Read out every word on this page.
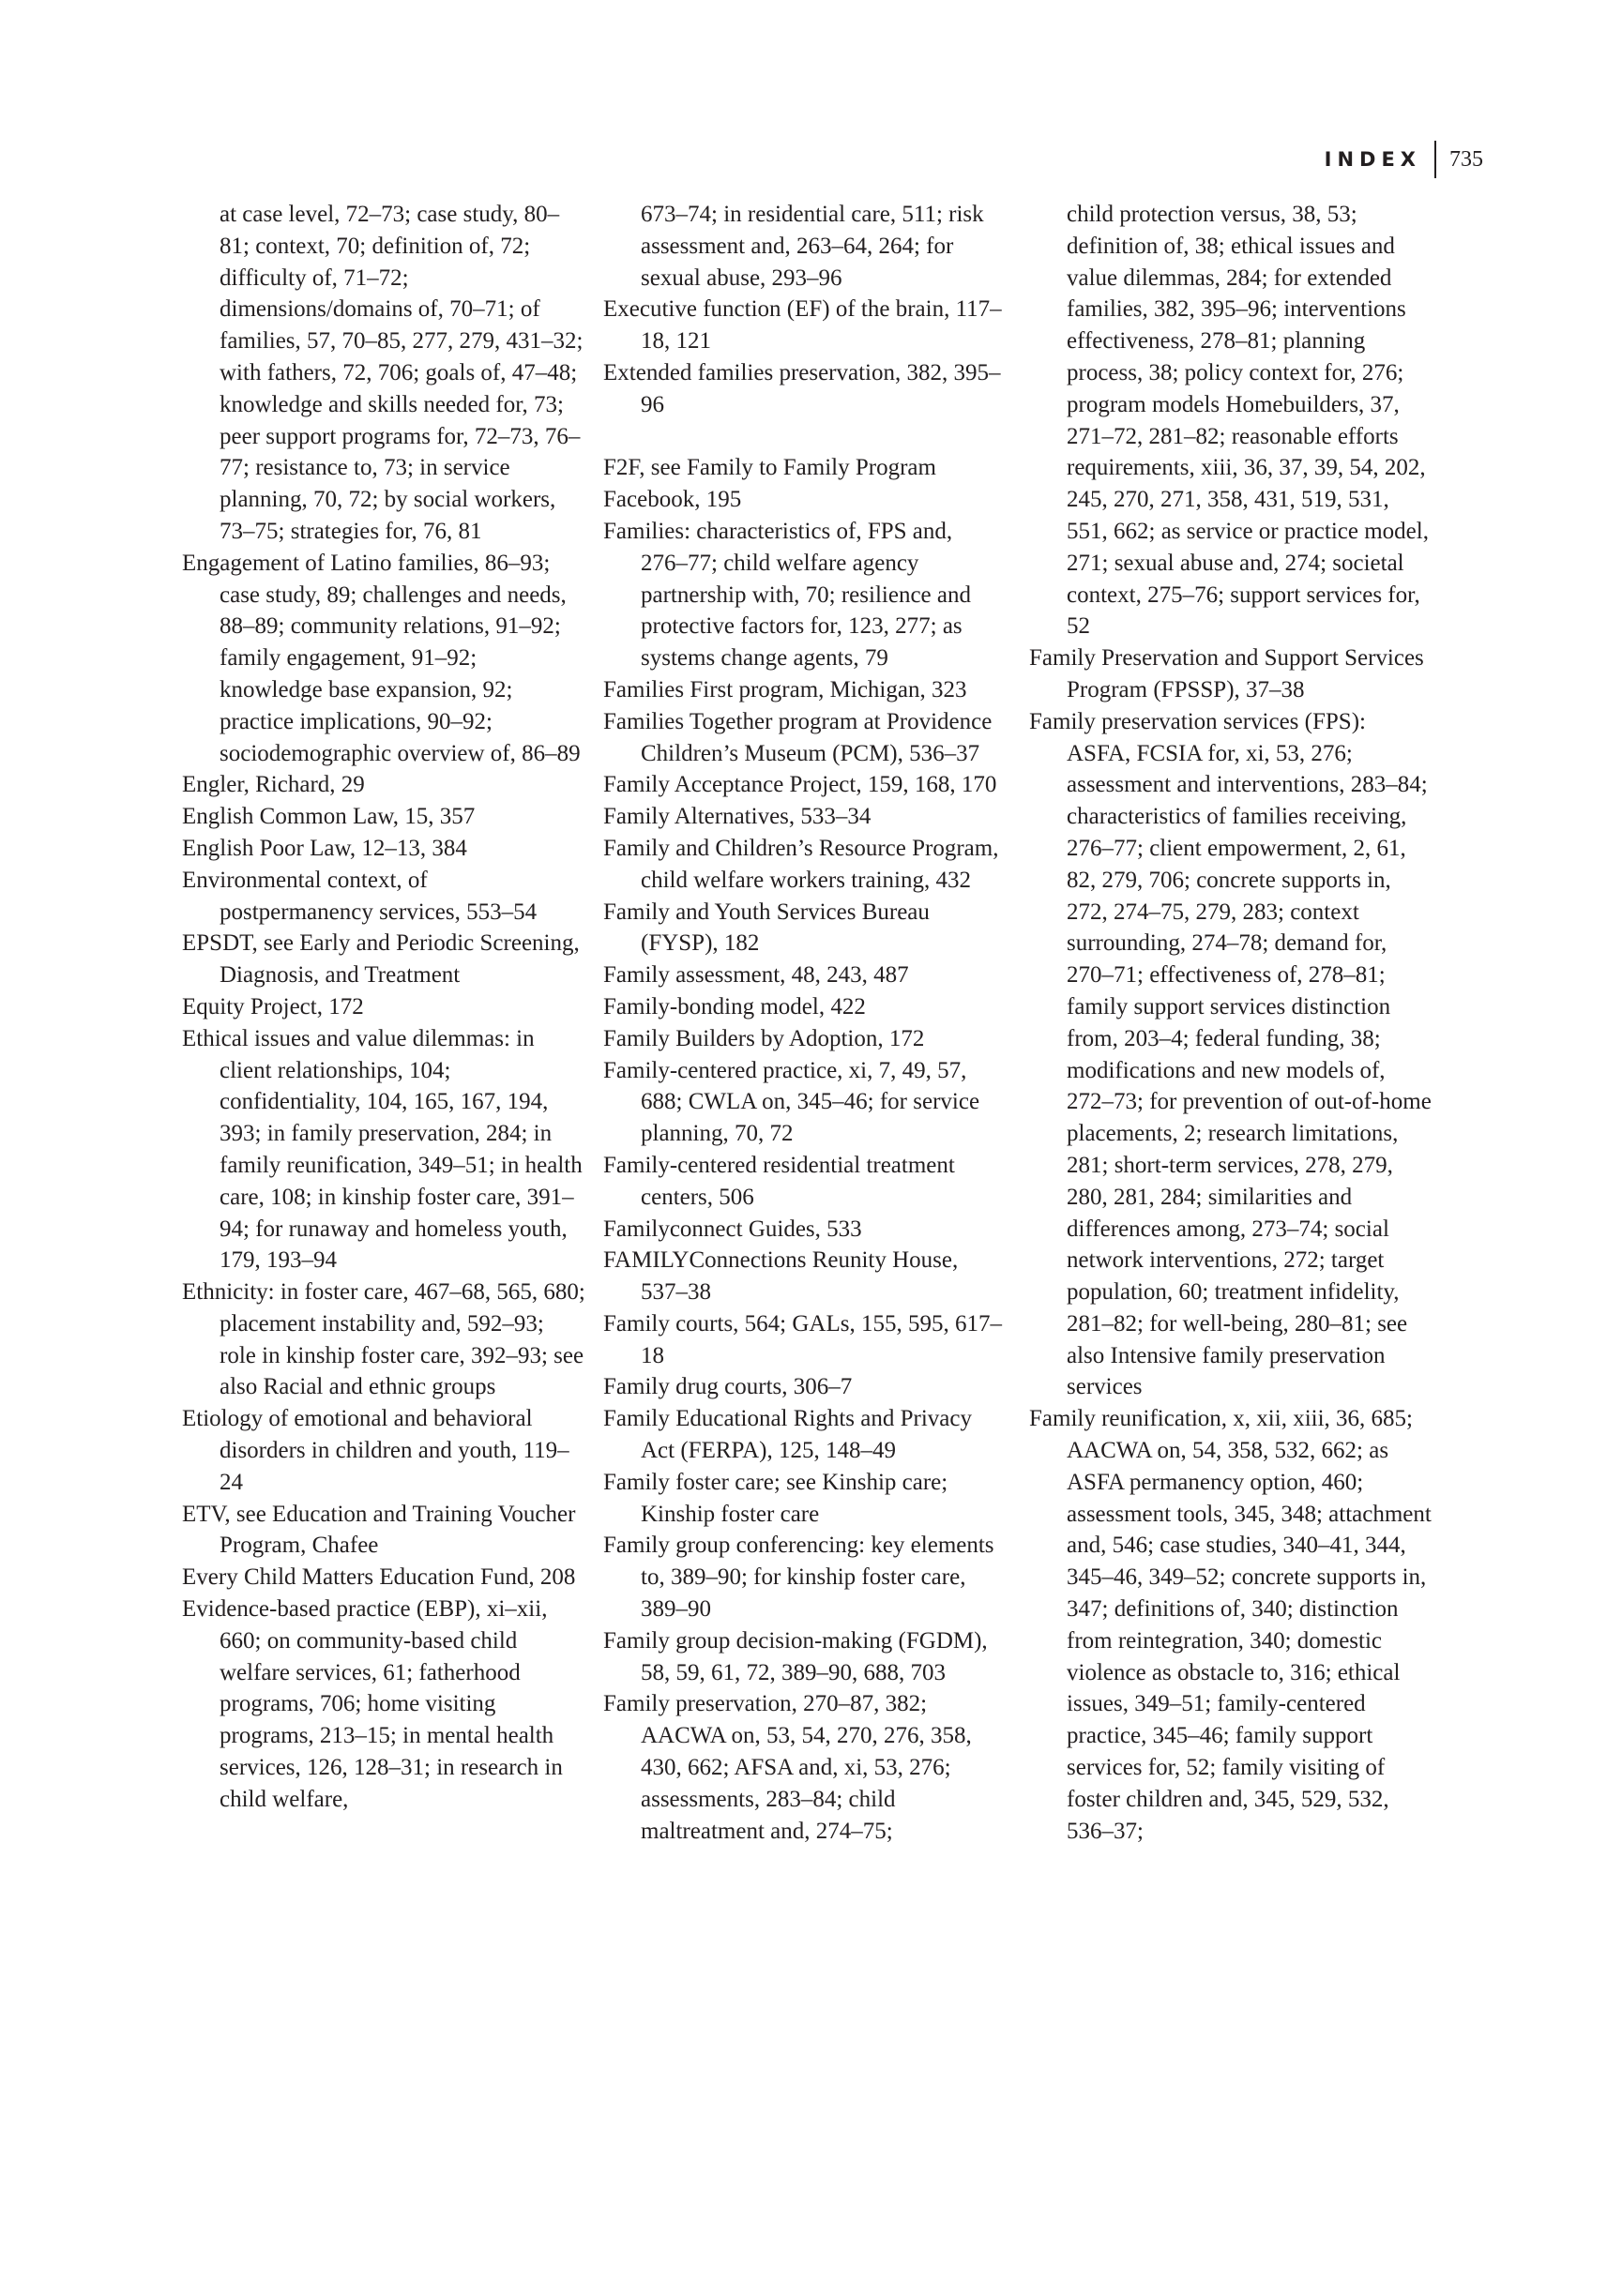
INDEX 735
at case level, 72–73; case study, 80–81; context, 70; definition of, 72; difficulty of, 71–72; dimensions/domains of, 70–71; of families, 57, 70–85, 277, 279, 431–32; with fathers, 72, 706; goals of, 47–48; knowledge and skills needed for, 73; peer support programs for, 72–73, 76–77; resistance to, 73; in service planning, 70, 72; by social workers, 73–75; strategies for, 76, 81
Engagement of Latino families, 86–93; case study, 89; challenges and needs, 88–89; community relations, 91–92; family engagement, 91–92; knowledge base expansion, 92; practice implications, 90–92; sociodemographic overview of, 86–89
Engler, Richard, 29
English Common Law, 15, 357
English Poor Law, 12–13, 384
Environmental context, of postpermanency services, 553–54
EPSDT, see Early and Periodic Screening, Diagnosis, and Treatment
Equity Project, 172
Ethical issues and value dilemmas: in client relationships, 104; confidentiality, 104, 165, 167, 194, 393; in family preservation, 284; in family reunification, 349–51; in health care, 108; in kinship foster care, 391–94; for runaway and homeless youth, 179, 193–94
Ethnicity: in foster care, 467–68, 565, 680; placement instability and, 592–93; role in kinship foster care, 392–93; see also Racial and ethnic groups
Etiology of emotional and behavioral disorders in children and youth, 119–24
ETV, see Education and Training Voucher Program, Chafee
Every Child Matters Education Fund, 208
Evidence-based practice (EBP), xi–xii, 660; on community-based child welfare services, 61; fatherhood programs, 706; home visiting programs, 213–15; in mental health services, 126, 128–31; in research in child welfare,
673–74; in residential care, 511; risk assessment and, 263–64, 264; for sexual abuse, 293–96
Executive function (EF) of the brain, 117–18, 121
Extended families preservation, 382, 395–96
F2F, see Family to Family Program
Facebook, 195
Families: characteristics of, FPS and, 276–77; child welfare agency partnership with, 70; resilience and protective factors for, 123, 277; as systems change agents, 79
Families First program, Michigan, 323
Families Together program at Providence Children’s Museum (PCM), 536–37
Family Acceptance Project, 159, 168, 170
Family Alternatives, 533–34
Family and Children’s Resource Program, child welfare workers training, 432
Family and Youth Services Bureau (FYSP), 182
Family assessment, 48, 243, 487
Family-bonding model, 422
Family Builders by Adoption, 172
Family-centered practice, xi, 7, 49, 57, 688; CWLA on, 345–46; for service planning, 70, 72
Family-centered residential treatment centers, 506
Familyconnect Guides, 533
FAMILYConnections Reunity House, 537–38
Family courts, 564; GALs, 155, 595, 617–18
Family drug courts, 306–7
Family Educational Rights and Privacy Act (FERPA), 125, 148–49
Family foster care; see Kinship care; Kinship foster care
Family group conferencing: key elements to, 389–90; for kinship foster care, 389–90
Family group decision-making (FGDM), 58, 59, 61, 72, 389–90, 688, 703
Family preservation, 270–87, 382; AACWA on, 53, 54, 270, 276, 358, 430, 662; AFSA and, xi, 53, 276; assessments, 283–84; child maltreatment and, 274–75;
child protection versus, 38, 53; definition of, 38; ethical issues and value dilemmas, 284; for extended families, 382, 395–96; interventions effectiveness, 278–81; planning process, 38; policy context for, 276; program models Homebuilders, 37, 271–72, 281–82; reasonable efforts requirements, xiii, 36, 37, 39, 54, 202, 245, 270, 271, 358, 431, 519, 531, 551, 662; as service or practice model, 271; sexual abuse and, 274; societal context, 275–76; support services for, 52
Family Preservation and Support Services Program (FPSSP), 37–38
Family preservation services (FPS): ASFA, FCSIA for, xi, 53, 276; assessment and interventions, 283–84; characteristics of families receiving, 276–77; client empowerment, 2, 61, 82, 279, 706; concrete supports in, 272, 274–75, 279, 283; context surrounding, 274–78; demand for, 270–71; effectiveness of, 278–81; family support services distinction from, 203–4; federal funding, 38; modifications and new models of, 272–73; for prevention of out-of-home placements, 2; research limitations, 281; short-term services, 278, 279, 280, 281, 284; similarities and differences among, 273–74; social network interventions, 272; target population, 60; treatment infidelity, 281–82; for well-being, 280–81; see also Intensive family preservation services
Family reunification, x, xii, xiii, 36, 685; AACWA on, 54, 358, 532, 662; as ASFA permanency option, 460; assessment tools, 345, 348; attachment and, 546; case studies, 340–41, 344, 345–46, 349–52; concrete supports in, 347; definitions of, 340; distinction from reintegration, 340; domestic violence as obstacle to, 316; ethical issues, 349–51; family-centered practice, 345–46; family support services for, 52; family visiting of foster children and, 345, 529, 532, 536–37;
